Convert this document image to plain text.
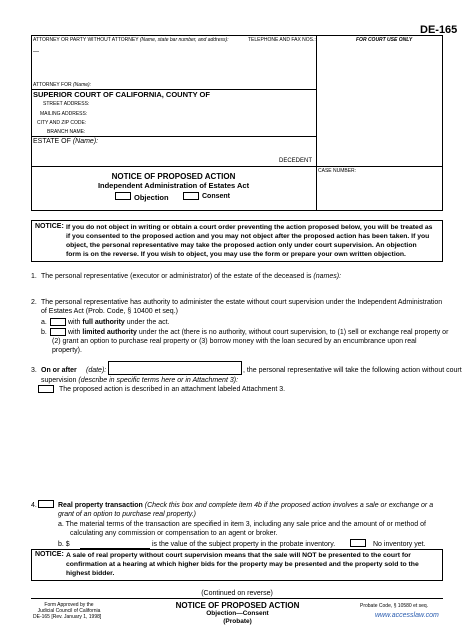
DE-165
ATTORNEY OR PARTY WITHOUT ATTORNEY (Name, state bar number, and address):	TELEPHONE AND FAX NOS.:	FOR COURT USE ONLY
—
ATTORNEY FOR (Name):
SUPERIOR COURT OF CALIFORNIA, COUNTY OF
STREET ADDRESS:
MAILING ADDRESS:
CITY AND ZIP CODE:
BRANCH NAME:
ESTATE OF (Name):
DECEDENT
CASE NUMBER:
NOTICE OF PROPOSED ACTION
Independent Administration of Estates Act
Objection	Consent
NOTICE: If you do not object in writing or obtain a court order preventing the action proposed below, you will be treated as
if you consented to the proposed action and you may not object after the proposed action has been taken. If you
object, the personal representative may take the proposed action only under court supervision. An objection
form is on the reverse. If you wish to object, you may use the form or prepare your own written objection.
1. The personal representative (executor or administrator) of the estate of the deceased is (names):
2. The personal representative has authority to administer the estate without court supervision under the Independent Administration
of Estates Act (Prob. Code, § 10400 et seq.)
a.	with full authority under the act.
b.	with limited authority under the act (there is no authority, without court supervision, to (1) sell or exchange real property or
(2) grant an option to purchase real property or (3) borrow money with the loan secured by an encumbrance upon real
property).
3. On or after (date):	, the personal representative will take the following action without court
supervision (describe in specific terms here or in Attachment 3):
The proposed action is described in an attachment labeled Attachment 3.
4.	Real property transaction (Check this box and complete item 4b if the proposed action involves a sale or exchange or a
grant of an option to purchase real property.)
a. The material terms of the transaction are specified in item 3, including any sale price and the amount of or method of
calculating any commission or compensation to an agent or broker.
b. $	is the value of the subject property in the probate inventory.	No inventory yet.
NOTICE: A sale of real property without court supervision means that the sale will NOT be presented to the court for
confirmation at a hearing at which higher bids for the property may be presented and the property sold to the
highest bidder.
(Continued on reverse)
Form Approved by the
Judicial Council of California
DE-165 [Rev. January 1, 1998]
NOTICE OF PROPOSED ACTION
Objection—Consent
(Probate)
Probate Code, § 10580 et seq.
www.accesslaw.com
